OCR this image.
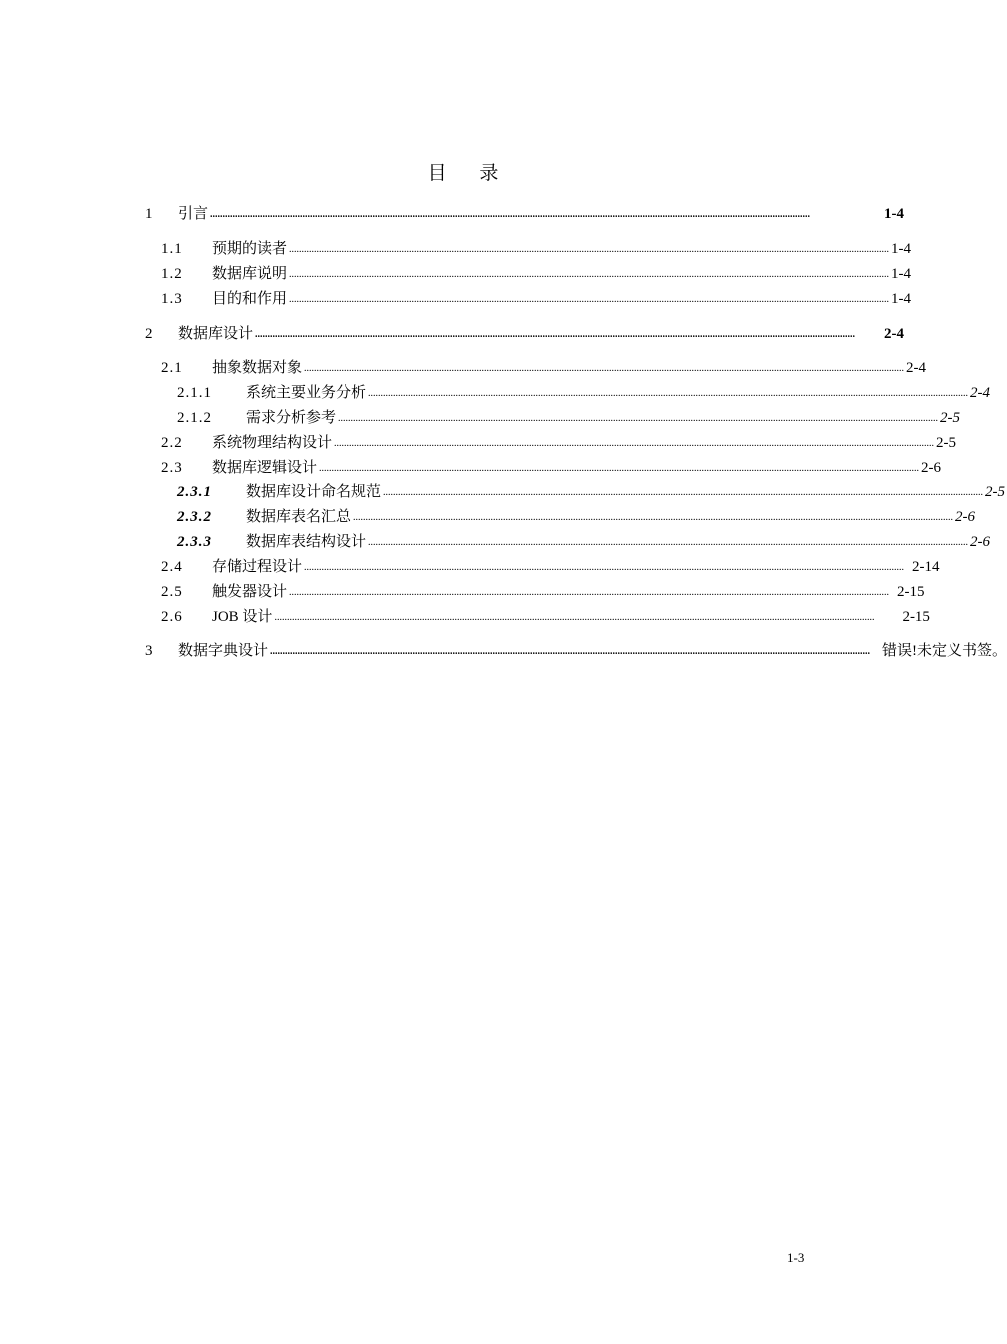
目 录
1 引言 ................................................................................................................................................................................................................................................	1-4
1.1 预期的读者 ................................................................................................................................................................................................................................................ 1-4
1.2 数据库说明 ................................................................................................................................................................................................................................................ 1-4
1.3 目的和作用 ................................................................................................................................................................................................................................................ 1-4
2 数据库设计 ................................................................................................................................................................................................................................................	2-4
2.1 抽象数据对象 ................................................................................................................................................................................................................................................ 2-4
2.1.1 系统主要业务分析 ................................................................................................................................................................................................................................................ 2-4
2.1.2 需求分析参考 ................................................................................................................................................................................................................................................ 2-5
2.2 系统物理结构设计 ................................................................................................................................................................................................................................................ 2-5
2.3 数据库逻辑设计 ................................................................................................................................................................................................................................................ 2-6
2.3.1 数据库设计命名规范 ................................................................................................................................................................................................................................................ 2-5
2.3.2 数据库表名汇总 ................................................................................................................................................................................................................................................ 2-6
2.3.3 数据库表结构设计 ................................................................................................................................................................................................................................................ 2-6
2.4 存储过程设计 ................................................................................................................................................................................................................................................ 2-14
2.5 触发器设计 ................................................................................................................................................................................................................................................ 2-15
2.6 JOB 设计 ................................................................................................................................................................................................................................................ 2-15
3 数据字典设计 ................................................................................................................................................................................................................................................ 错误!未定义书签。
1-3
